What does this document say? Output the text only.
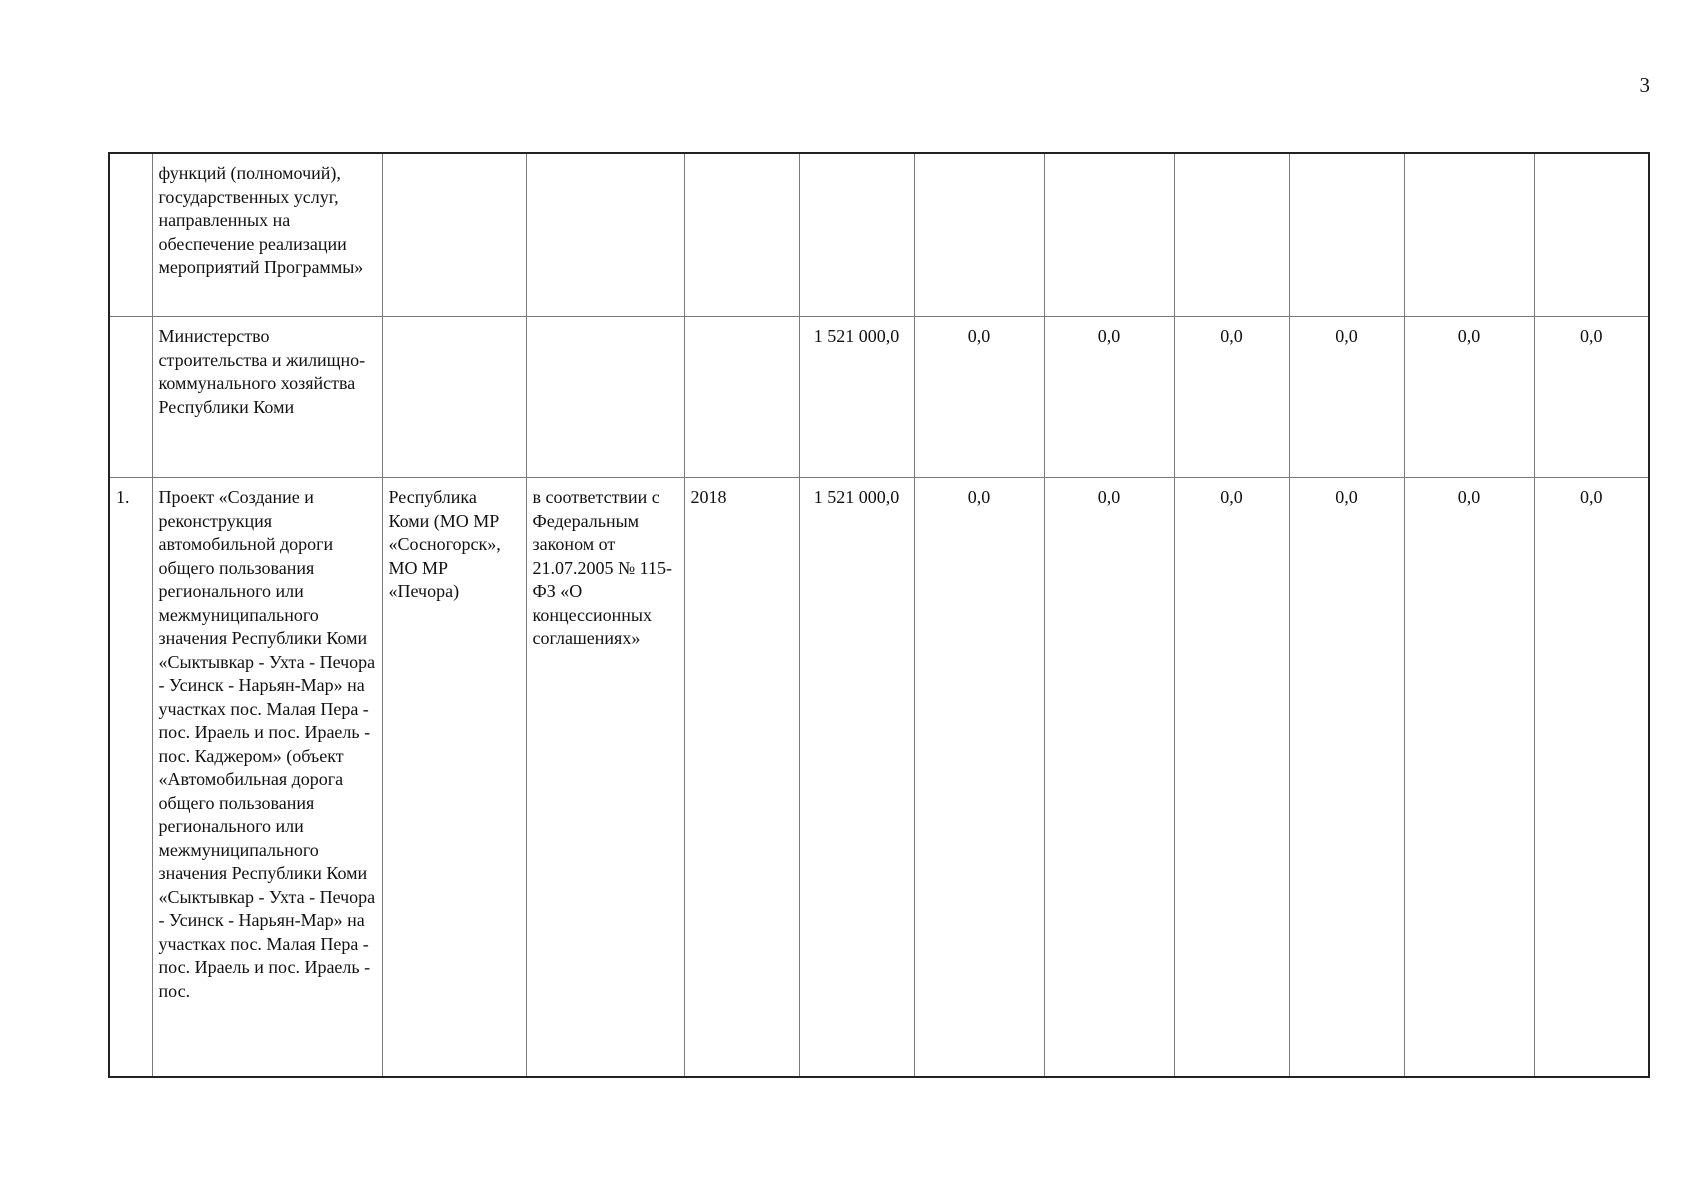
3
	функций (полномочий), государственных услуг, направленных на обеспечение реализации мероприятий Программы»										
	Министерство строительства и жилищно-коммунального хозяйства Республики Коми				1 521 000,0	0,0	0,0	0,0	0,0	0,0	0,0
1.	Проект «Создание и реконструкция автомобильной дороги общего пользования регионального или межмуниципального значения Республики Коми «Сыктывкар - Ухта - Печора - Усинск - Нарьян-Мар» на участках пос. Малая Пера - пос. Ираель и пос. Ираель - пос. Каджером» (объект «Автомобильная дорога общего пользования регионального или межмуниципального значения Республики Коми «Сыктывкар - Ухта - Печора - Усинск - Нарьян-Мар» на участках пос. Малая Пера - пос. Ираель и пос. Ираель - пос.	Республика Коми (МО МР «Сосногорск», МО МР «Печора)	в соответствии с Федеральным законом от 21.07.2005 № 115-ФЗ «О концессионных соглашениях»	2018	1 521 000,0	0,0	0,0	0,0	0,0	0,0	0,0
